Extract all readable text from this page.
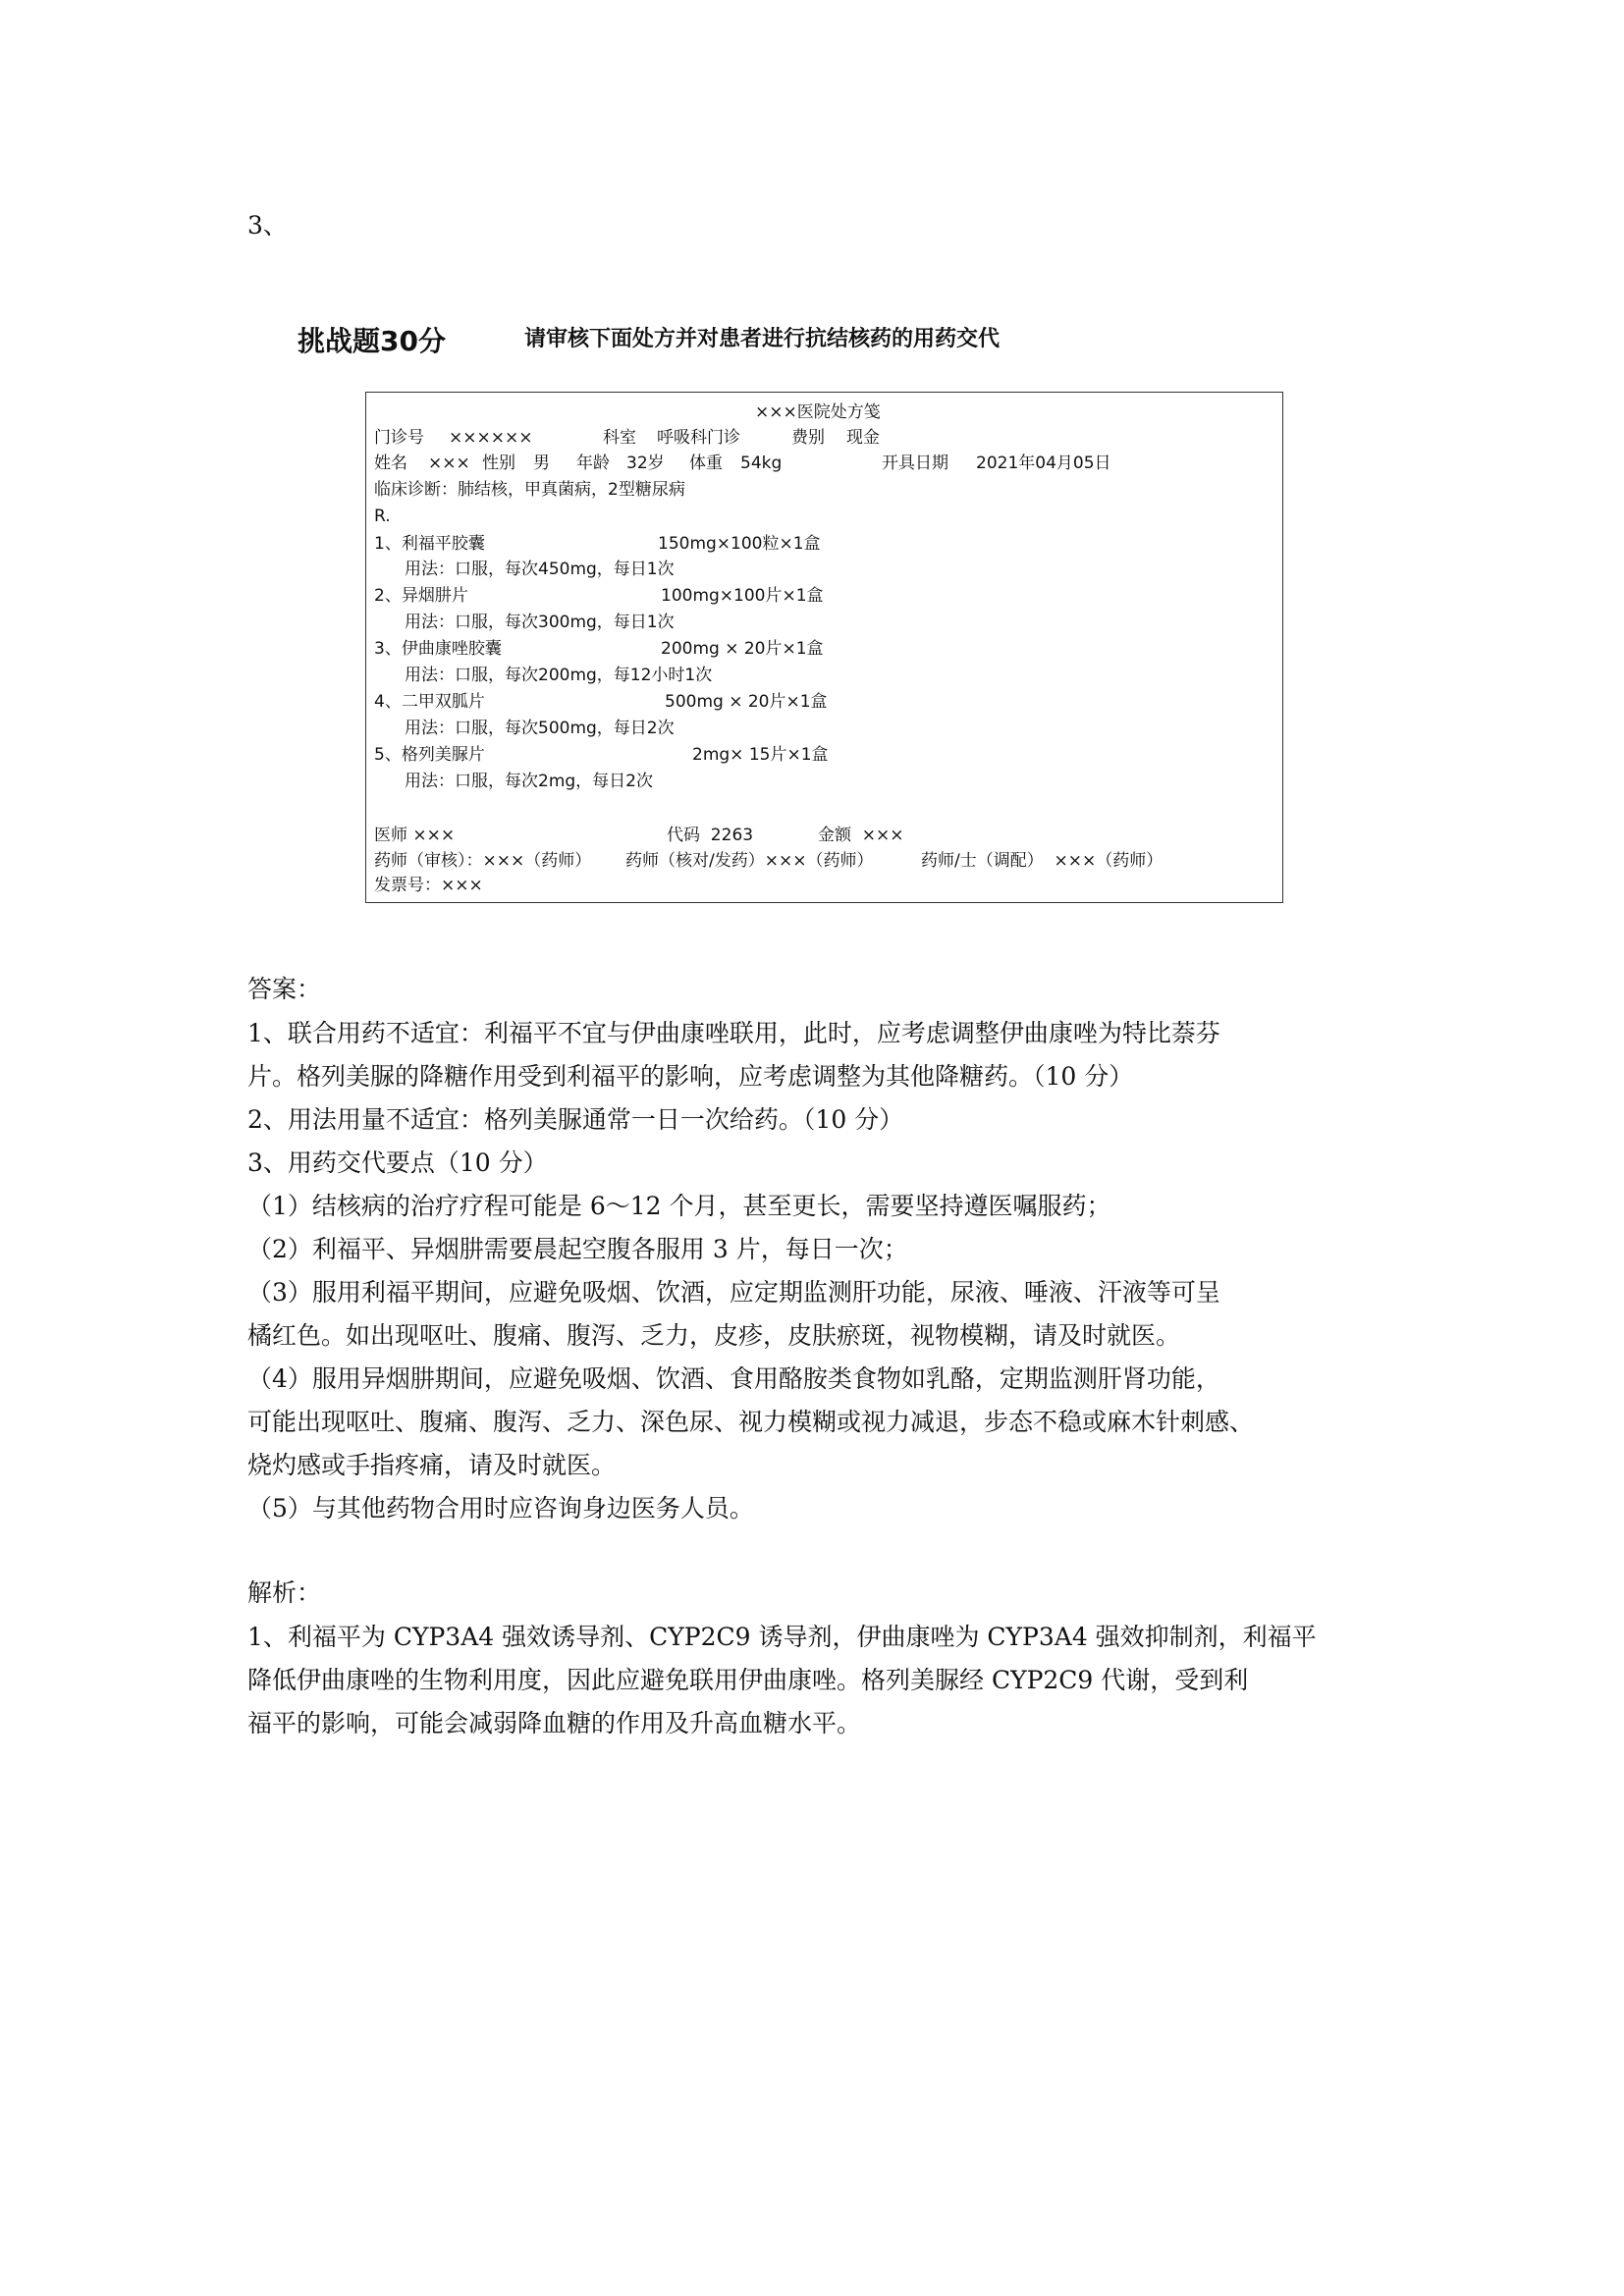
3、
挑战题30分	请审核下面处方并对患者进行抗结核药的用药交代
×××医院处方笺
门诊号 ××××××	科室 呼吸科门诊	费别 现金
姓名 ××× 性别 男 年龄 32岁 体重 54kg	开具日期 2021年04月05日
临床诊断：肺结核，甲真菌病，2型糖尿病
R.
1、利福平胶囊	150mg×100粒×1盒
用法：口服，每次450mg，每日1次
2、异烟肼片	100mg×100片×1盒
用法：口服，每次300mg，每日1次
3、伊曲康唑胶囊	200mg × 20片×1盒
用法：口服，每次200mg，每12小时1次
4、二甲双胍片	500mg × 20片×1盒
用法：口服，每次500mg，每日2次
5、格列美脲片	2mg× 15片×1盒
用法：口服，每次2mg，每日2次
医师 ×××	代码  2263	金额  ×××
药师（审核）：×××（药师） 药师（核对/发药）×××（药师）	药师/士（调配）  ×××（药师）
发票号：×××
答案：
1、联合用药不适宜：利福平不宜与伊曲康唑联用，此时，应考虑调整伊曲康唑为特比萘芬
片。格列美脲的降糖作用受到利福平的影响，应考虑调整为其他降糖药。（10 分）
2、用法用量不适宜：格列美脲通常一日一次给药。（10 分）
3、用药交代要点（10 分）
（1）结核病的治疗疗程可能是 6～12 个月，甚至更长，需要坚持遵医嘱服药；
（2）利福平、异烟肼需要晨起空腹各服用 3 片，每日一次；
（3）服用利福平期间，应避免吸烟、饮酒，应定期监测肝功能，尿液、唾液、汗液等可呈
橘红色。如出现呕吐、腹痛、腹泻、乏力，皮疹，皮肤瘀斑，视物模糊，请及时就医。
（4）服用异烟肼期间，应避免吸烟、饮酒、食用酪胺类食物如乳酪，定期监测肝肾功能，
可能出现呕吐、腹痛、腹泻、乏力、深色尿、视力模糊或视力减退，步态不稳或麻木针刺感、
烧灼感或手指疼痛，请及时就医。
（5）与其他药物合用时应咨询身边医务人员。
解析：
1、利福平为 CYP3A4 强效诱导剂、CYP2C9 诱导剂，伊曲康唑为 CYP3A4 强效抑制剂，利福平
降低伊曲康唑的生物利用度，因此应避免联用伊曲康唑。格列美脲经 CYP2C9 代谢，受到利
福平的影响，可能会减弱降血糖的作用及升高血糖水平。
